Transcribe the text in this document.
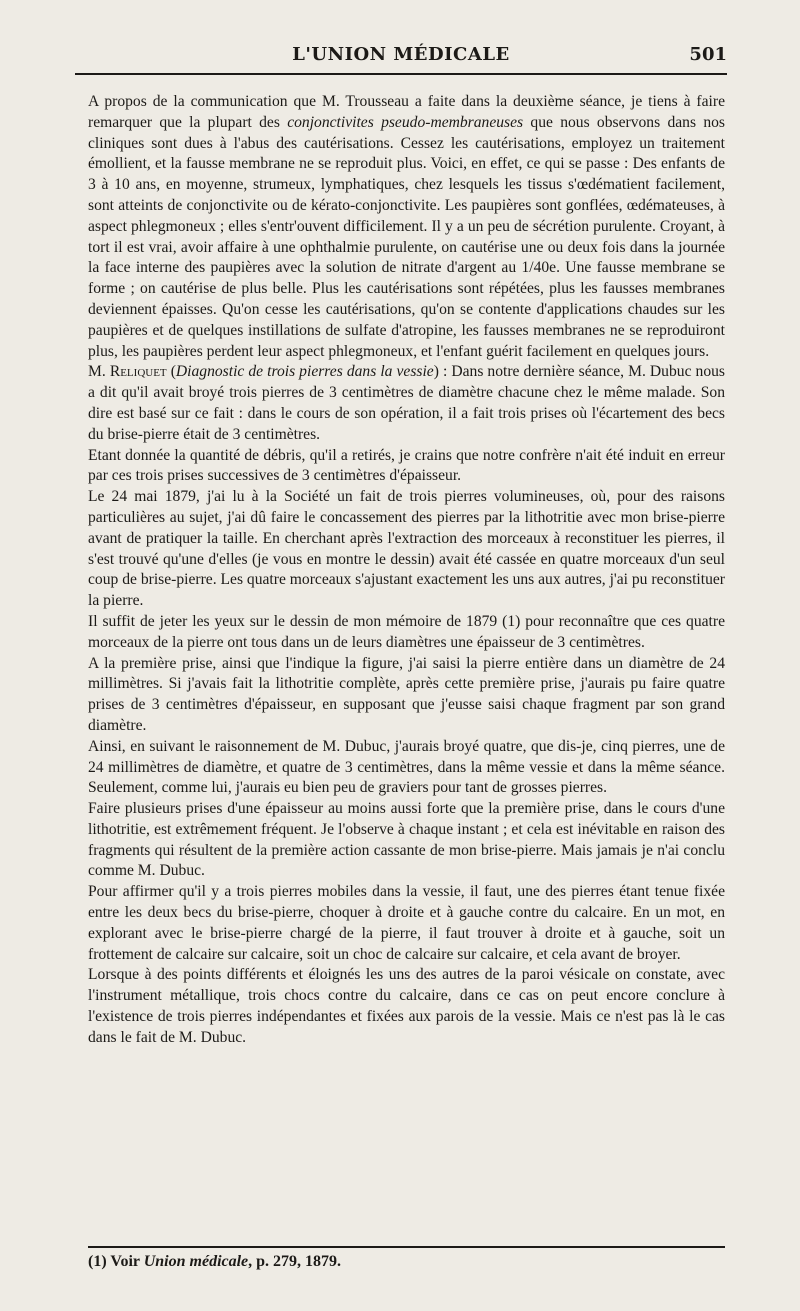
L'UNION MÉDICALE	501

A propos de la communication que M. Trousseau a faite dans la deuxième séance, je tiens à faire remarquer que la plupart des conjonctivites pseudo-membraneuses que nous observons dans nos cliniques sont dues à l'abus des cautérisations. Cessez les cautérisations, employez un traitement émollient, et la fausse membrane ne se reproduit plus. Voici, en effet, ce qui se passe : Des enfants de 3 à 10 ans, en moyenne, strumeux, lymphatiques, chez lesquels les tissus s'œdématient facilement, sont atteints de conjonctivite ou de kérato-conjonctivite. Les paupières sont gonflées, œdémateuses, à aspect phlegmoneux ; elles s'entr'ouvent difficilement. Il y a un peu de sécrétion purulente. Croyant, à tort il est vrai, avoir affaire à une ophthalmie purulente, on cautérise une ou deux fois dans la journée la face interne des paupières avec la solution de nitrate d'argent au 1/40e. Une fausse membrane se forme ; on cautérise de plus belle. Plus les cautérisations sont répétées, plus les fausses membranes deviennent épaisses. Qu'on cesse les cautérisations, qu'on se contente d'applications chaudes sur les paupières et de quelques instillations de sulfate d'atropine, les fausses membranes ne se reproduiront plus, les paupières perdent leur aspect phlegmoneux, et l'enfant guérit facilement en quelques jours.

M. Reliquet (Diagnostic de trois pierres dans la vessie) : Dans notre dernière séance, M. Dubuc nous a dit qu'il avait broyé trois pierres de 3 centimètres de diamètre chacune chez le même malade. Son dire est basé sur ce fait : dans le cours de son opération, il a fait trois prises où l'écartement des becs du brise-pierre était de 3 centimètres.

Etant donnée la quantité de débris, qu'il a retirés, je crains que notre confrère n'ait été induit en erreur par ces trois prises successives de 3 centimètres d'épaisseur.

Le 24 mai 1879, j'ai lu à la Société un fait de trois pierres volumineuses, où, pour des raisons particulières au sujet, j'ai dû faire le concassement des pierres par la lithotritie avec mon brise-pierre avant de pratiquer la taille. En cherchant après l'extraction des morceaux à reconstituer les pierres, il s'est trouvé qu'une d'elles (je vous en montre le dessin) avait été cassée en quatre morceaux d'un seul coup de brise-pierre. Les quatre morceaux s'ajustant exactement les uns aux autres, j'ai pu reconstituer la pierre.

Il suffit de jeter les yeux sur le dessin de mon mémoire de 1879 (1) pour reconnaître que ces quatre morceaux de la pierre ont tous dans un de leurs diamètres une épaisseur de 3 centimètres.

A la première prise, ainsi que l'indique la figure, j'ai saisi la pierre entière dans un diamètre de 24 millimètres. Si j'avais fait la lithotritie complète, après cette première prise, j'aurais pu faire quatre prises de 3 centimètres d'épaisseur, en supposant que j'eusse saisi chaque fragment par son grand diamètre.

Ainsi, en suivant le raisonnement de M. Dubuc, j'aurais broyé quatre, que dis-je, cinq pierres, une de 24 millimètres de diamètre, et quatre de 3 centimètres, dans la même vessie et dans la même séance. Seulement, comme lui, j'aurais eu bien peu de graviers pour tant de grosses pierres.

Faire plusieurs prises d'une épaisseur au moins aussi forte que la première prise, dans le cours d'une lithotritie, est extrêmement fréquent. Je l'observe à chaque instant ; et cela est inévitable en raison des fragments qui résultent de la première action cassante de mon brise-pierre. Mais jamais je n'ai conclu comme M. Dubuc.

Pour affirmer qu'il y a trois pierres mobiles dans la vessie, il faut, une des pierres étant tenue fixée entre les deux becs du brise-pierre, choquer à droite et à gauche contre du calcaire. En un mot, en explorant avec le brise-pierre chargé de la pierre, il faut trouver à droite et à gauche, soit un frottement de calcaire sur calcaire, soit un choc de calcaire sur calcaire, et cela avant de broyer.

Lorsque à des points différents et éloignés les uns des autres de la paroi vésicale on constate, avec l'instrument métallique, trois chocs contre du calcaire, dans ce cas on peut encore conclure à l'existence de trois pierres indépendantes et fixées aux parois de la vessie. Mais ce n'est pas là le cas dans le fait de M. Dubuc.

(1) Voir Union médicale, p. 279, 1879.
